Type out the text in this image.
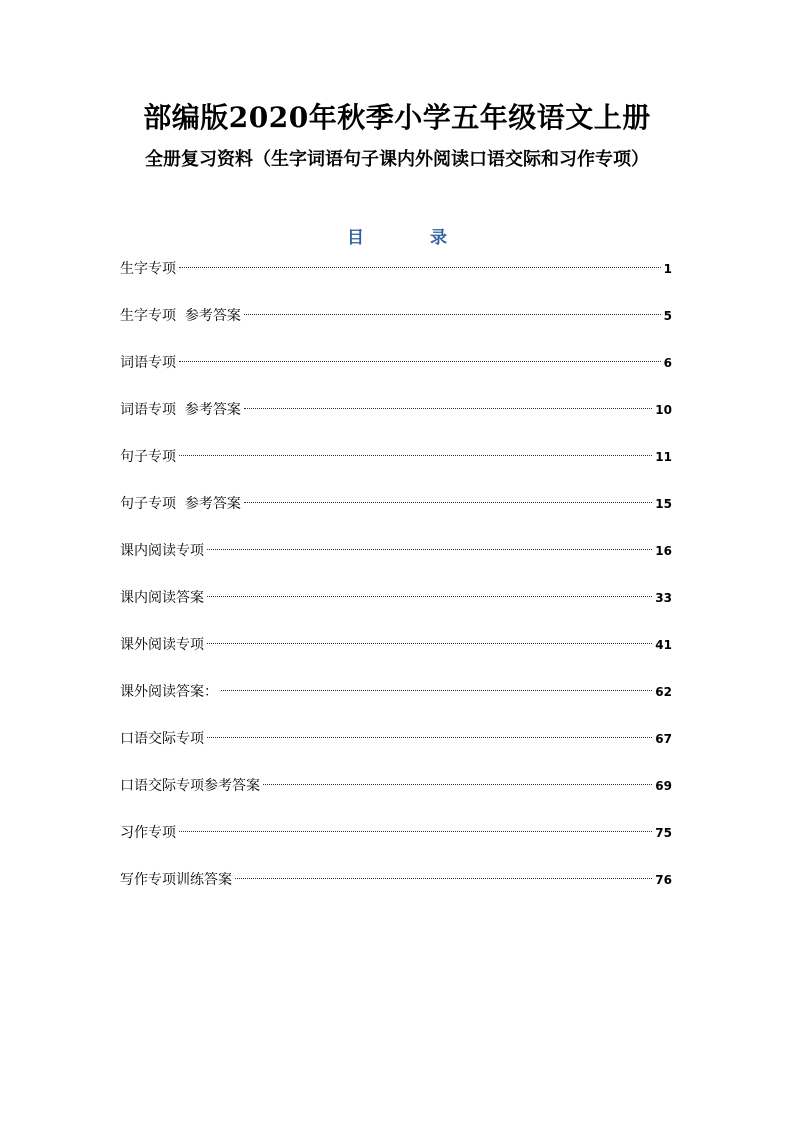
部编版2020年秋季小学五年级语文上册
全册复习资料（生字词语句子课内外阅读口语交际和习作专项）
目 录
生字专项	1
生字专项  参考答案	5
词语专项	6
词语专项  参考答案	10
句子专项	11
句子专项  参考答案	15
课内阅读专项	16
课内阅读答案	33
课外阅读专项	41
课外阅读答案：	62
口语交际专项	67
口语交际专项参考答案	69
习作专项	75
写作专项训练答案	76
